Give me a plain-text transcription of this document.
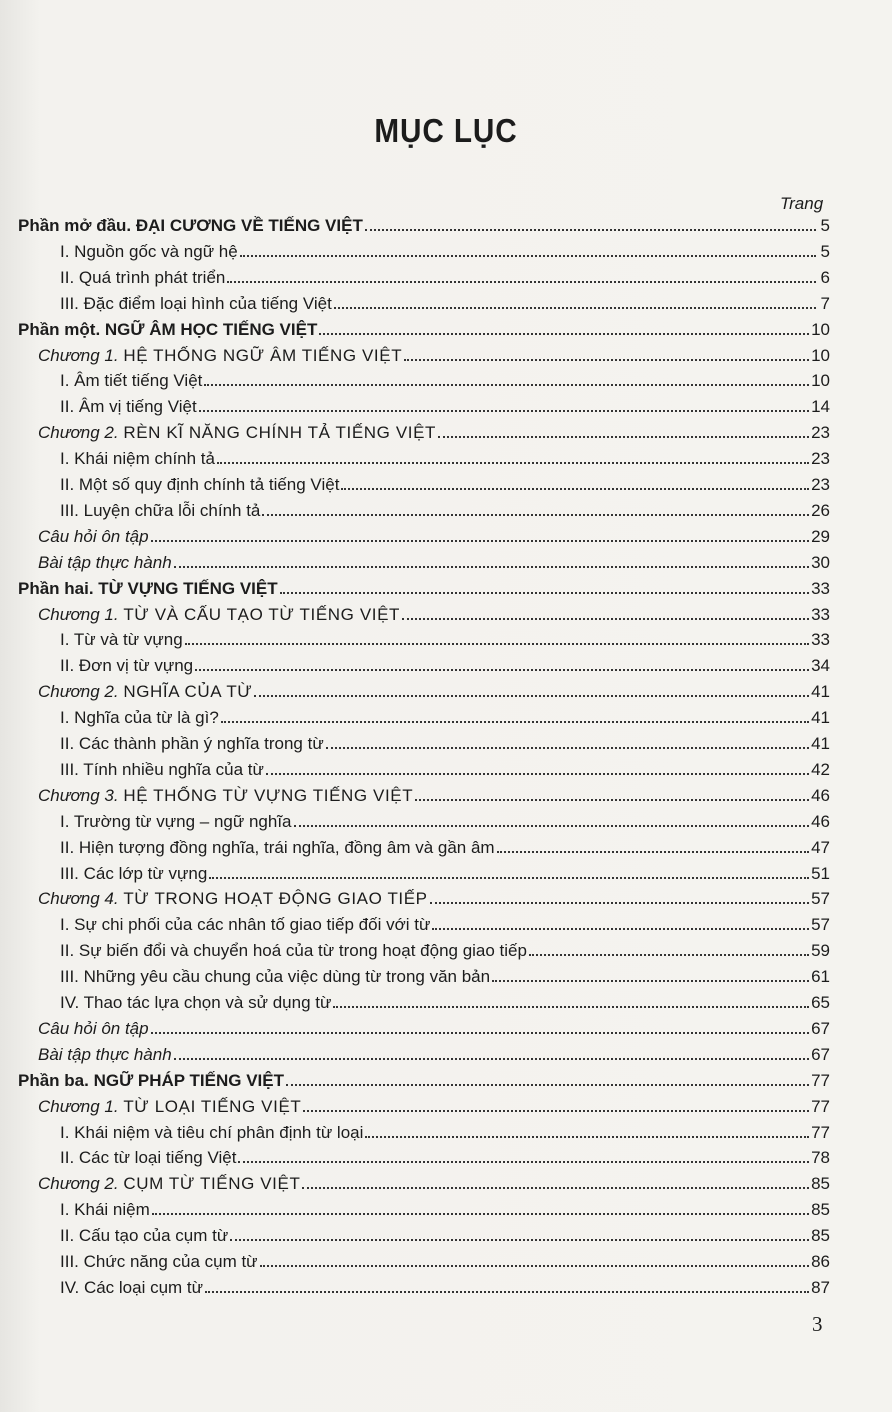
MỤC LỤC
Trang
Phần mở đầu. ĐẠI CƯƠNG VỀ TIẾNG VIỆT	5
I. Nguồn gốc và ngữ hệ	5
II. Quá trình phát triển	6
III. Đặc điểm loại hình của tiếng Việt	7
Phần một. NGỮ ÂM HỌC TIẾNG VIỆT	10
Chương 1. HỆ THỐNG NGỮ ÂM TIẾNG VIỆT	10
I. Âm tiết tiếng Việt	10
II. Âm vị tiếng Việt	14
Chương 2. RÈN KĨ NĂNG CHÍNH TẢ TIẾNG VIỆT	23
I. Khái niệm chính tả	23
II. Một số quy định chính tả tiếng Việt	23
III. Luyện chữa lỗi chính tả	26
Câu hỏi ôn tập	29
Bài tập thực hành	30
Phần hai. TỪ VỰNG TIẾNG VIỆT	33
Chương 1. TỪ VÀ CẤU TẠO TỪ TIẾNG VIỆT	33
I. Từ và từ vựng	33
II. Đơn vị từ vựng	34
Chương 2. NGHĨA CỦA TỪ	41
I. Nghĩa của từ là gì?	41
II. Các thành phần ý nghĩa trong từ	41
III. Tính nhiều nghĩa của từ	42
Chương 3. HỆ THỐNG TỪ VỰNG TIẾNG VIỆT	46
I. Trường từ vựng – ngữ nghĩa	46
II. Hiện tượng đồng nghĩa, trái nghĩa, đồng âm và gần âm	47
III. Các lớp từ vựng	51
Chương 4. TỪ TRONG HOẠT ĐỘNG GIAO TIẾP	57
I. Sự chi phối của các nhân tố giao tiếp đối với từ	57
II. Sự biến đổi và chuyển hoá của từ trong hoạt động giao tiếp	59
III. Những yêu cầu chung của việc dùng từ trong văn bản	61
IV. Thao tác lựa chọn và sử dụng từ	65
Câu hỏi ôn tập	67
Bài tập thực hành	67
Phần ba. NGỮ PHÁP TIẾNG VIỆT	77
Chương 1. TỪ LOẠI TIẾNG VIỆT	77
I. Khái niệm và tiêu chí phân định từ loại	77
II. Các từ loại tiếng Việt	78
Chương 2. CỤM TỪ TIẾNG VIỆT	85
I. Khái niệm	85
II. Cấu tạo của cụm từ	85
III. Chức năng của cụm từ	86
IV. Các loại cụm từ	87
3
